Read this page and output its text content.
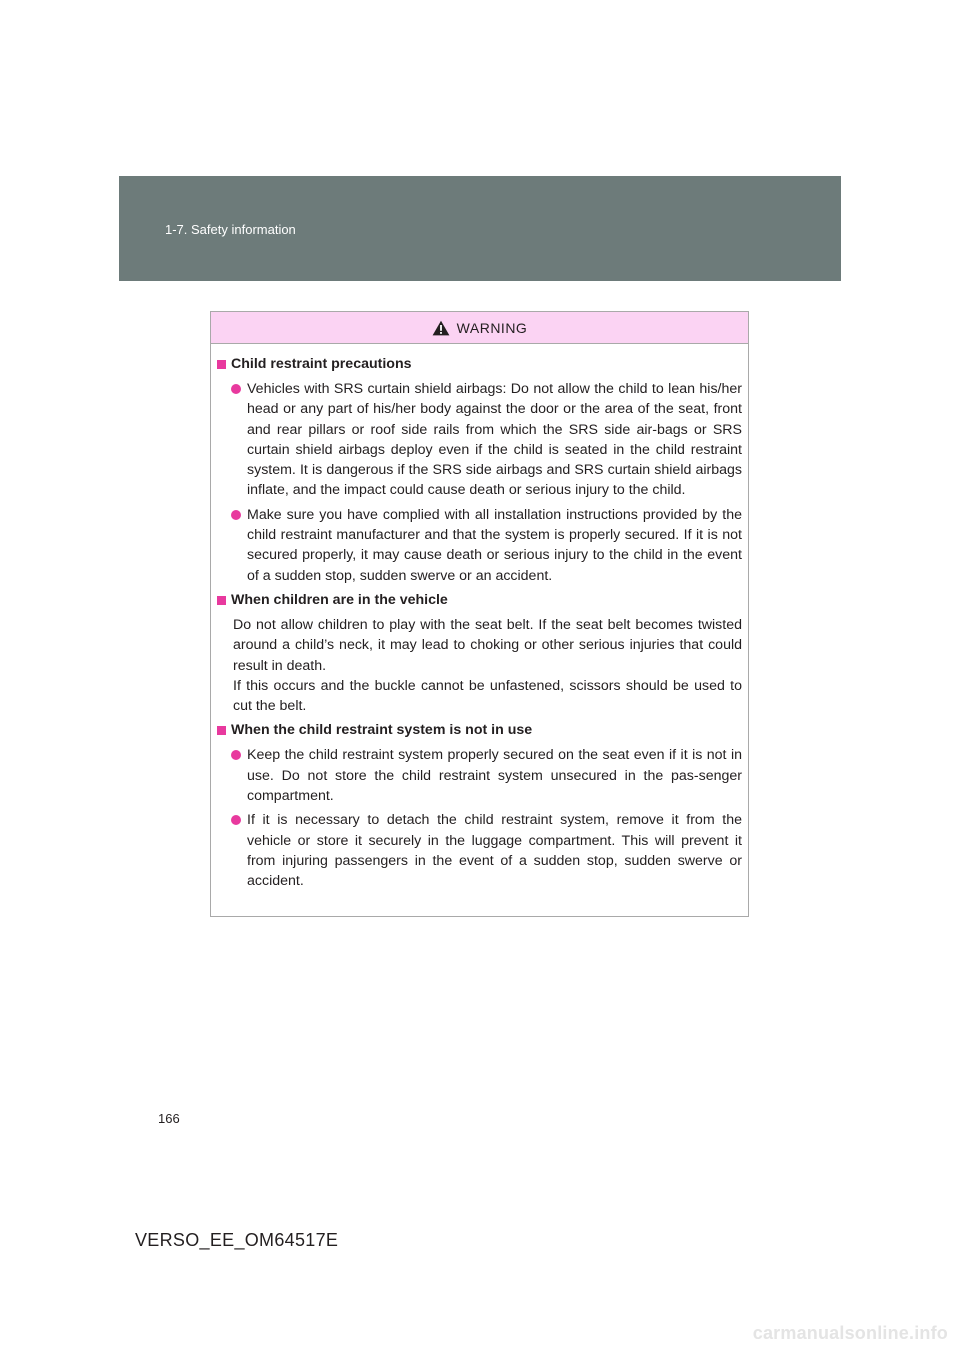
1-7. Safety information
WARNING
Child restraint precautions
Vehicles with SRS curtain shield airbags: Do not allow the child to lean his/her head or any part of his/her body against the door or the area of the seat, front and rear pillars or roof side rails from which the SRS side air-bags or SRS curtain shield airbags deploy even if the child is seated in the child restraint system. It is dangerous if the SRS side airbags and SRS curtain shield airbags inflate, and the impact could cause death or serious injury to the child.
Make sure you have complied with all installation instructions provided by the child restraint manufacturer and that the system is properly secured. If it is not secured properly, it may cause death or serious injury to the child in the event of a sudden stop, sudden swerve or an accident.
When children are in the vehicle
Do not allow children to play with the seat belt. If the seat belt becomes twisted around a child’s neck, it may lead to choking or other serious injuries that could result in death.
If this occurs and the buckle cannot be unfastened, scissors should be used to cut the belt.
When the child restraint system is not in use
Keep the child restraint system properly secured on the seat even if it is not in use. Do not store the child restraint system unsecured in the pas-senger compartment.
If it is necessary to detach the child restraint system, remove it from the vehicle or store it securely in the luggage compartment. This will prevent it from injuring passengers in the event of a sudden stop, sudden swerve or accident.
166
VERSO_EE_OM64517E
carmanualsonline.info
